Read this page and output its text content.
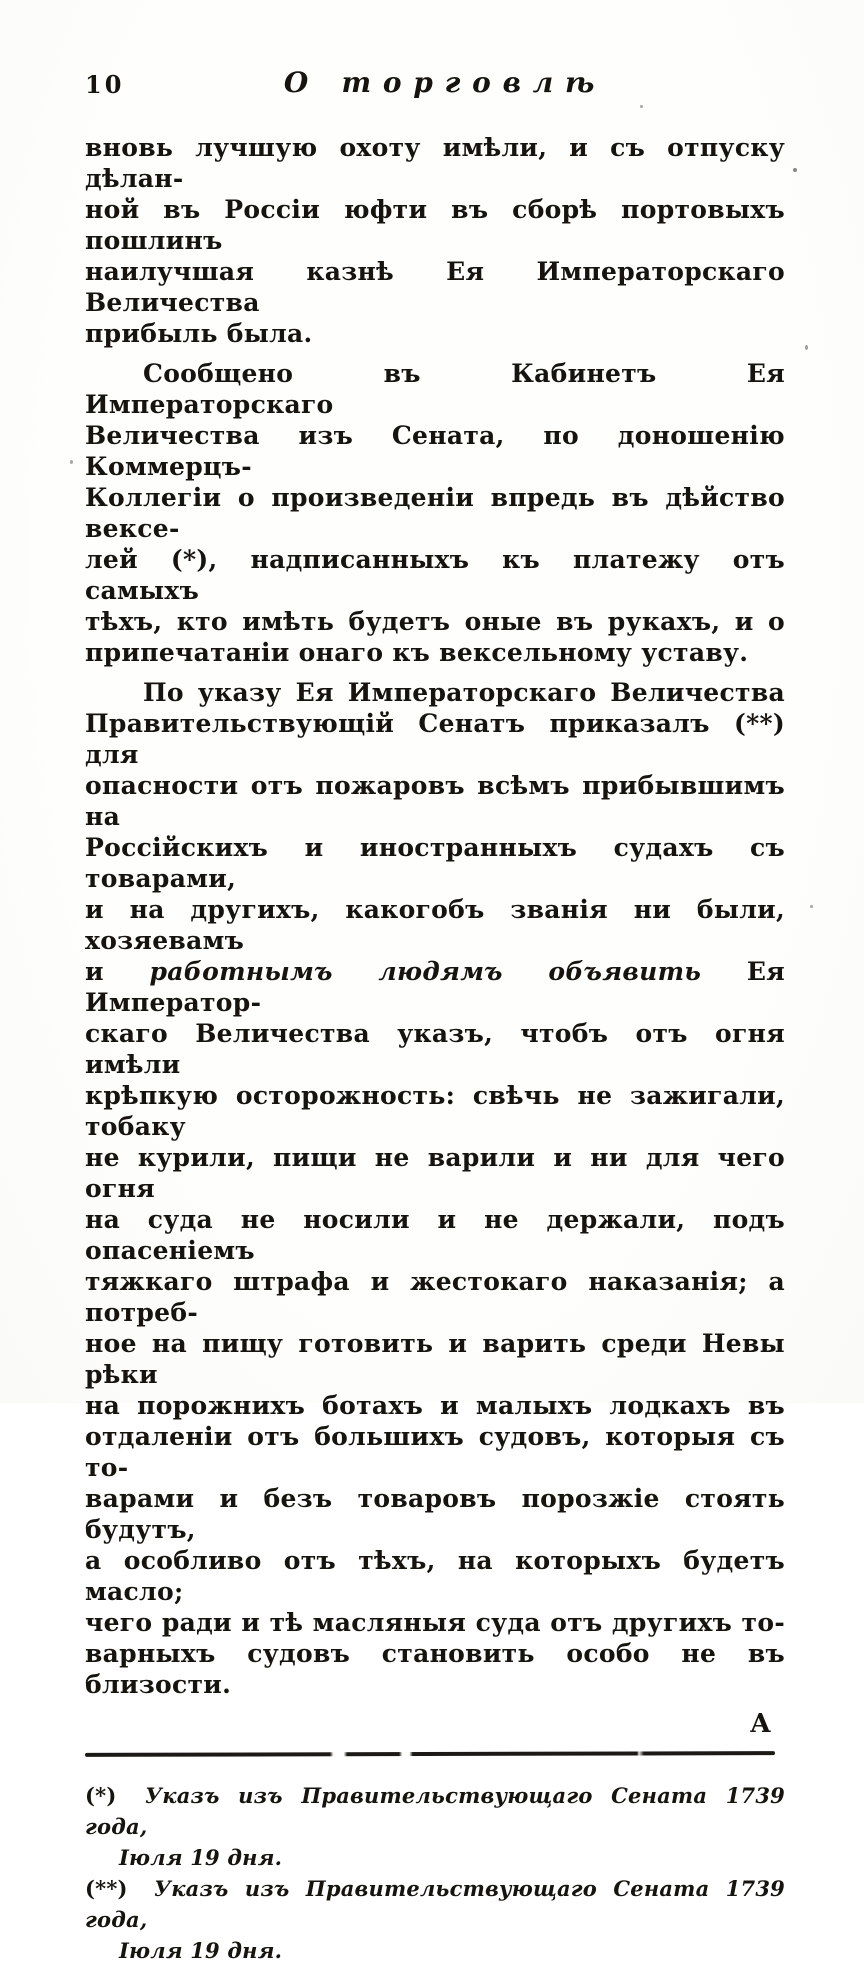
10	О торговлѣ
вновь лучшую охоту имѣли, и съ отпуску дѣлан-
ной въ Россіи юфти въ сборѣ портовыхъ пошлинъ
наилучшая казнѣ Ея Императорскаго Величества
прибыль была.
Сообщено въ Кабинетъ Ея Императорскаго
Величества изъ Сената, по доношенію Коммерцъ-
Коллегіи о произведеніи впредь въ дѣйство вексе-
лей (*), надписанныхъ къ платежу отъ самыхъ
тѣхъ, кто имѣть будетъ оные въ рукахъ, и о
припечатаніи онаго къ вексельному уставу.
По указу Ея Императорскаго Величества
Правительствующій Сенатъ приказалъ (**) для
опасности отъ пожаровъ всѣмъ прибывшимъ на
Россійскихъ и иностранныхъ судахъ съ товарами,
и на другихъ, какогобъ званія ни были, хозяевамъ
и работнымъ людямъ объявить Ея Император-
скаго Величества указъ, чтобъ отъ огня имѣли
крѣпкую осторожность: свѣчь не зажигали, тобаку
не курили, пищи не варили и ни для чего огня
на суда не носили и не держали, подъ опасеніемъ
тяжкаго штрафа и жестокаго наказанія; а потреб-
ное на пищу готовить и варить среди Невы рѣки
на порожнихъ ботахъ и малыхъ лодкахъ въ
отдаленіи отъ большихъ судовъ, которыя съ то-
варами и безъ товаровъ порозжіе стоять будутъ,
а особливо отъ тѣхъ, на которыхъ будетъ масло;
чего ради и тѣ масляныя суда отъ другихъ то-
варныхъ судовъ становить особо не въ близости.
А
(*) Указъ изъ Правительствующаго Сената 1739 года,
Іюля 19 дня.
(**) Указъ изъ Правительствующаго Сената 1739 года,
Іюля 19 дня.
